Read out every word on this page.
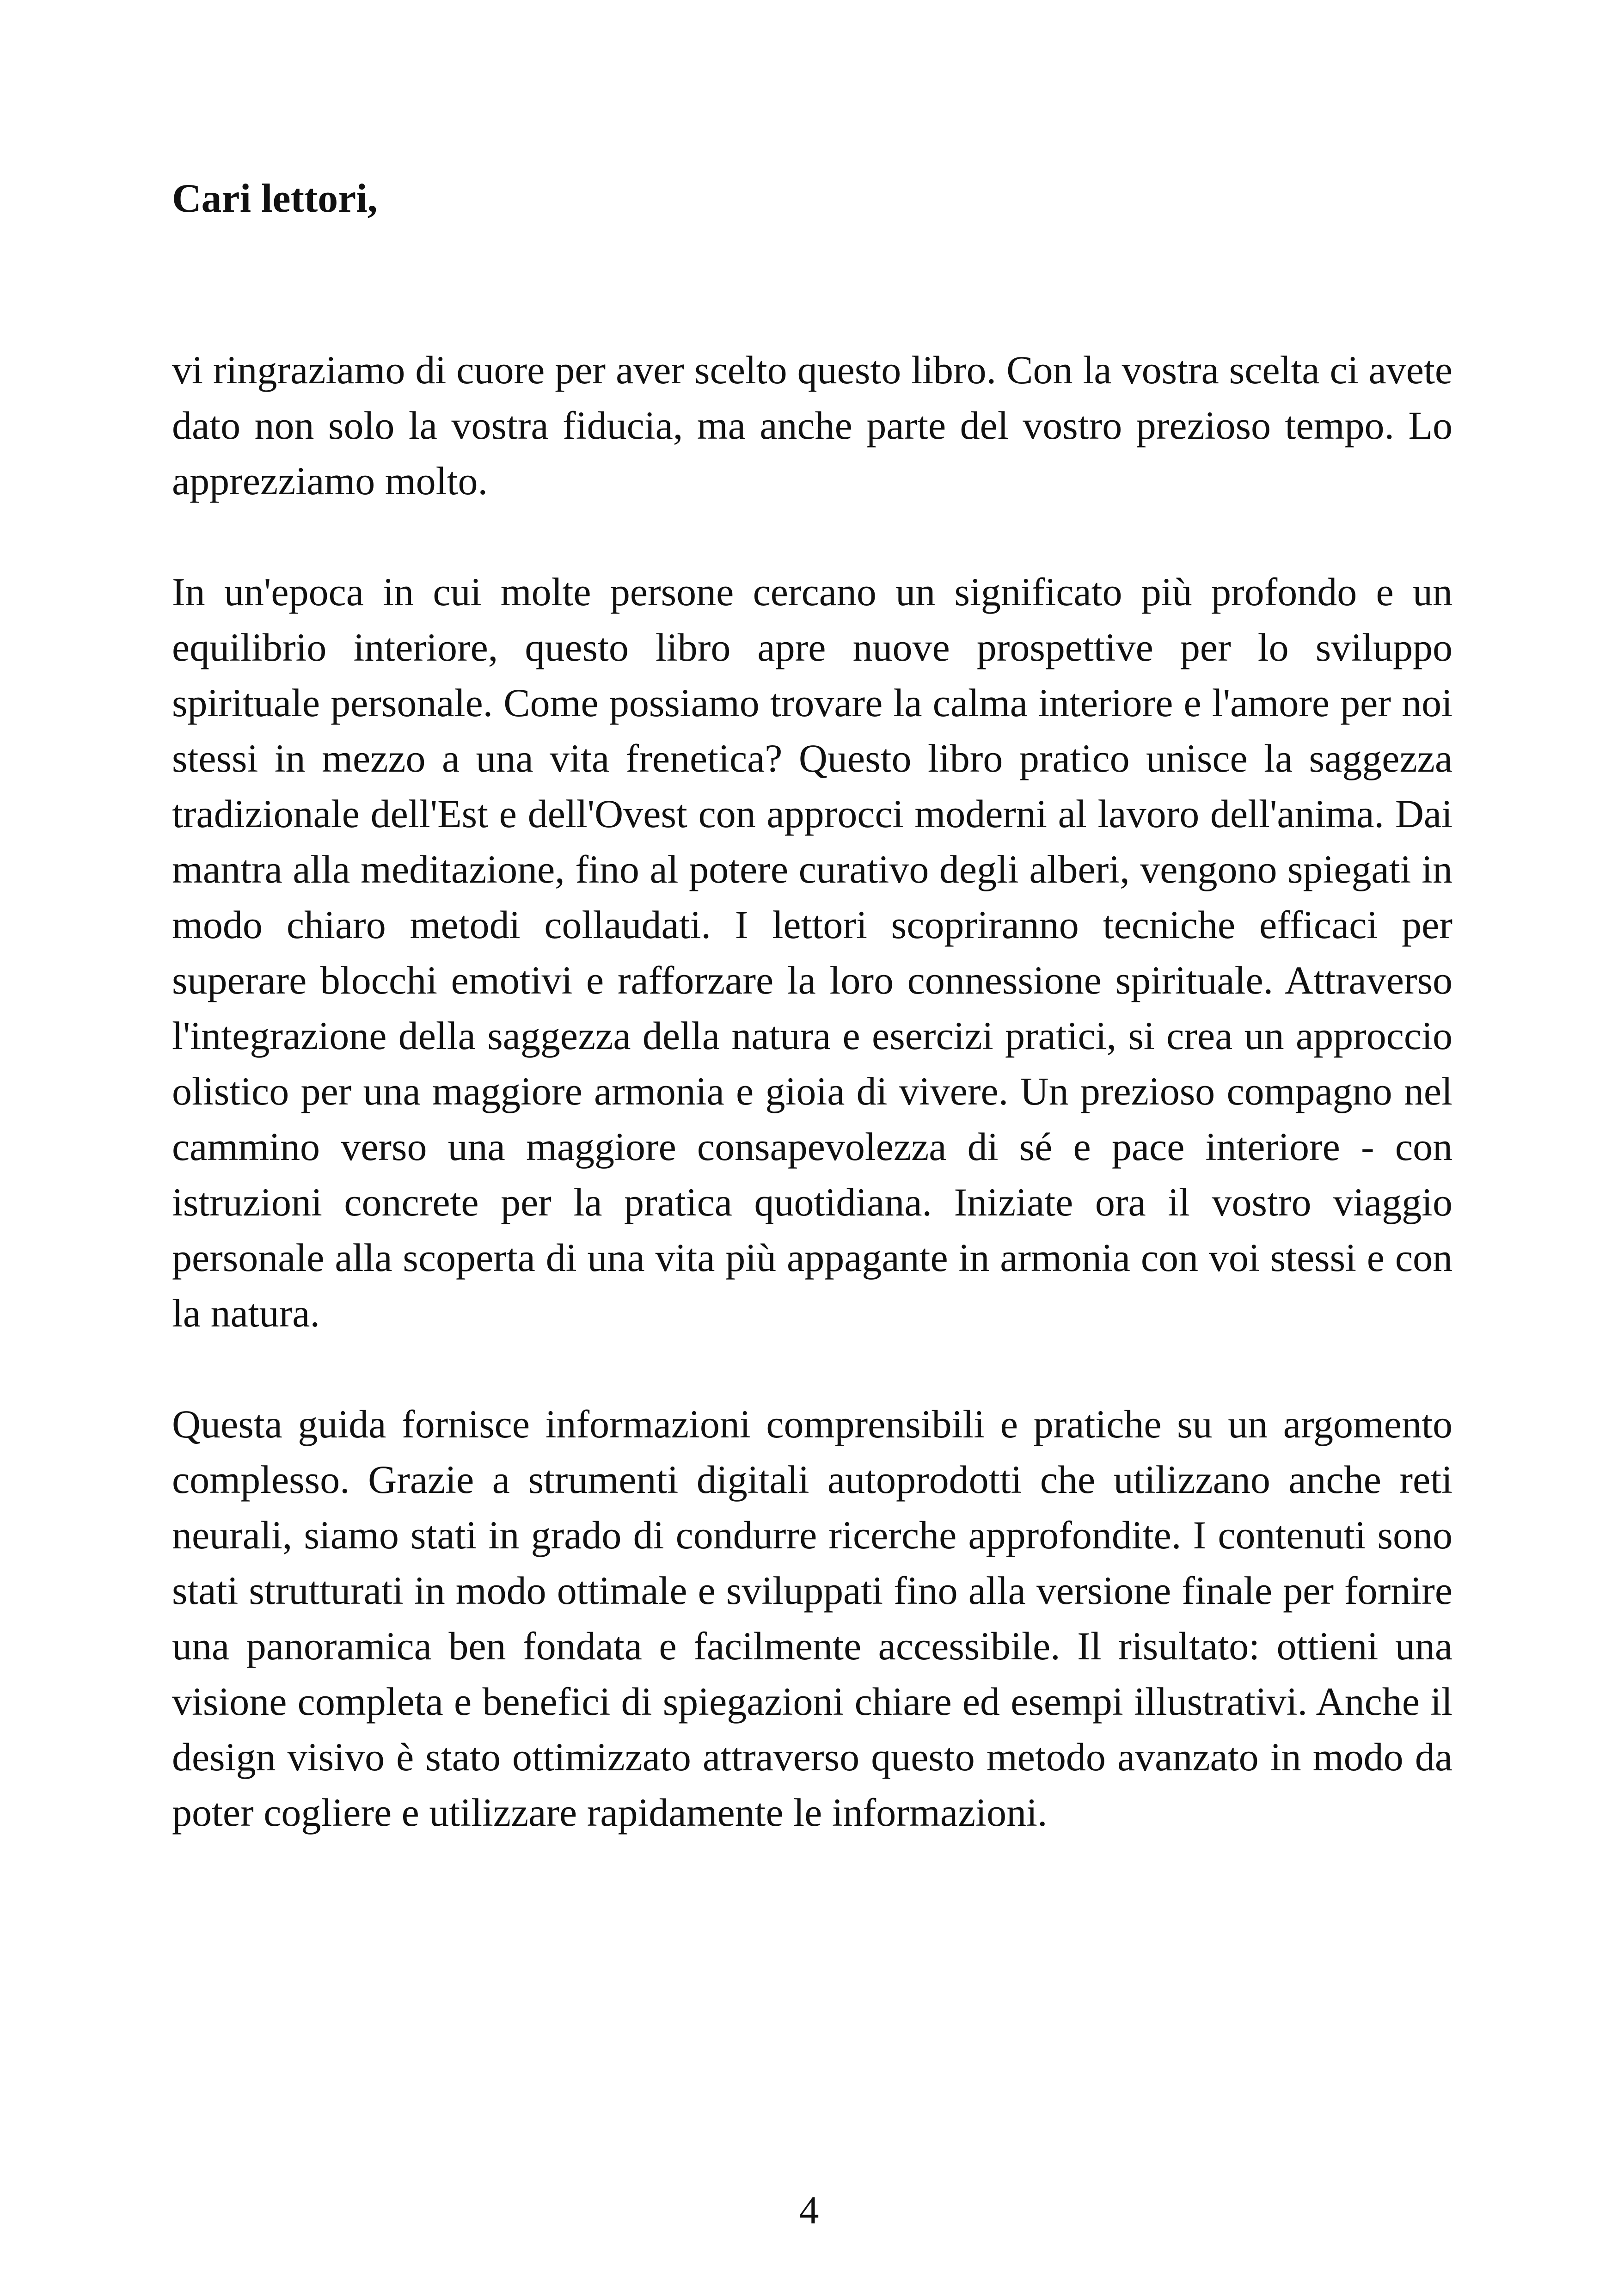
Cari lettori,

vi ringraziamo di cuore per aver scelto questo libro. Con la vostra scelta ci avete dato non solo la vostra fiducia, ma anche parte del vostro prezioso tempo. Lo apprezziamo molto.

In un'epoca in cui molte persone cercano un significato più profondo e un equilibrio interiore, questo libro apre nuove prospettive per lo sviluppo spirituale personale. Come possiamo trovare la calma interiore e l'amore per noi stessi in mezzo a una vita frenetica? Questo libro pratico unisce la saggezza tradizionale dell'Est e dell'Ovest con approcci moderni al lavoro dell'anima. Dai mantra alla meditazione, fino al potere curativo degli alberi, vengono spiegati in modo chiaro metodi collaudati. I lettori scopriranno tecniche efficaci per superare blocchi emotivi e rafforzare la loro connessione spirituale. Attraverso l'integrazione della saggezza della natura e esercizi pratici, si crea un approccio olistico per una maggiore armonia e gioia di vivere. Un prezioso compagno nel cammino verso una maggiore consapevolezza di sé e pace interiore - con istruzioni concrete per la pratica quotidiana. Iniziate ora il vostro viaggio personale alla scoperta di una vita più appagante in armonia con voi stessi e con la natura.

Questa guida fornisce informazioni comprensibili e pratiche su un argomento complesso. Grazie a strumenti digitali autoprodotti che utilizzano anche reti neurali, siamo stati in grado di condurre ricerche approfondite. I contenuti sono stati strutturati in modo ottimale e sviluppati fino alla versione finale per fornire una panoramica ben fondata e facilmente accessibile. Il risultato: ottieni una visione completa e benefici di spiegazioni chiare ed esempi illustrativi. Anche il design visivo è stato ottimizzato attraverso questo metodo avanzato in modo da poter cogliere e utilizzare rapidamente le informazioni.

4
